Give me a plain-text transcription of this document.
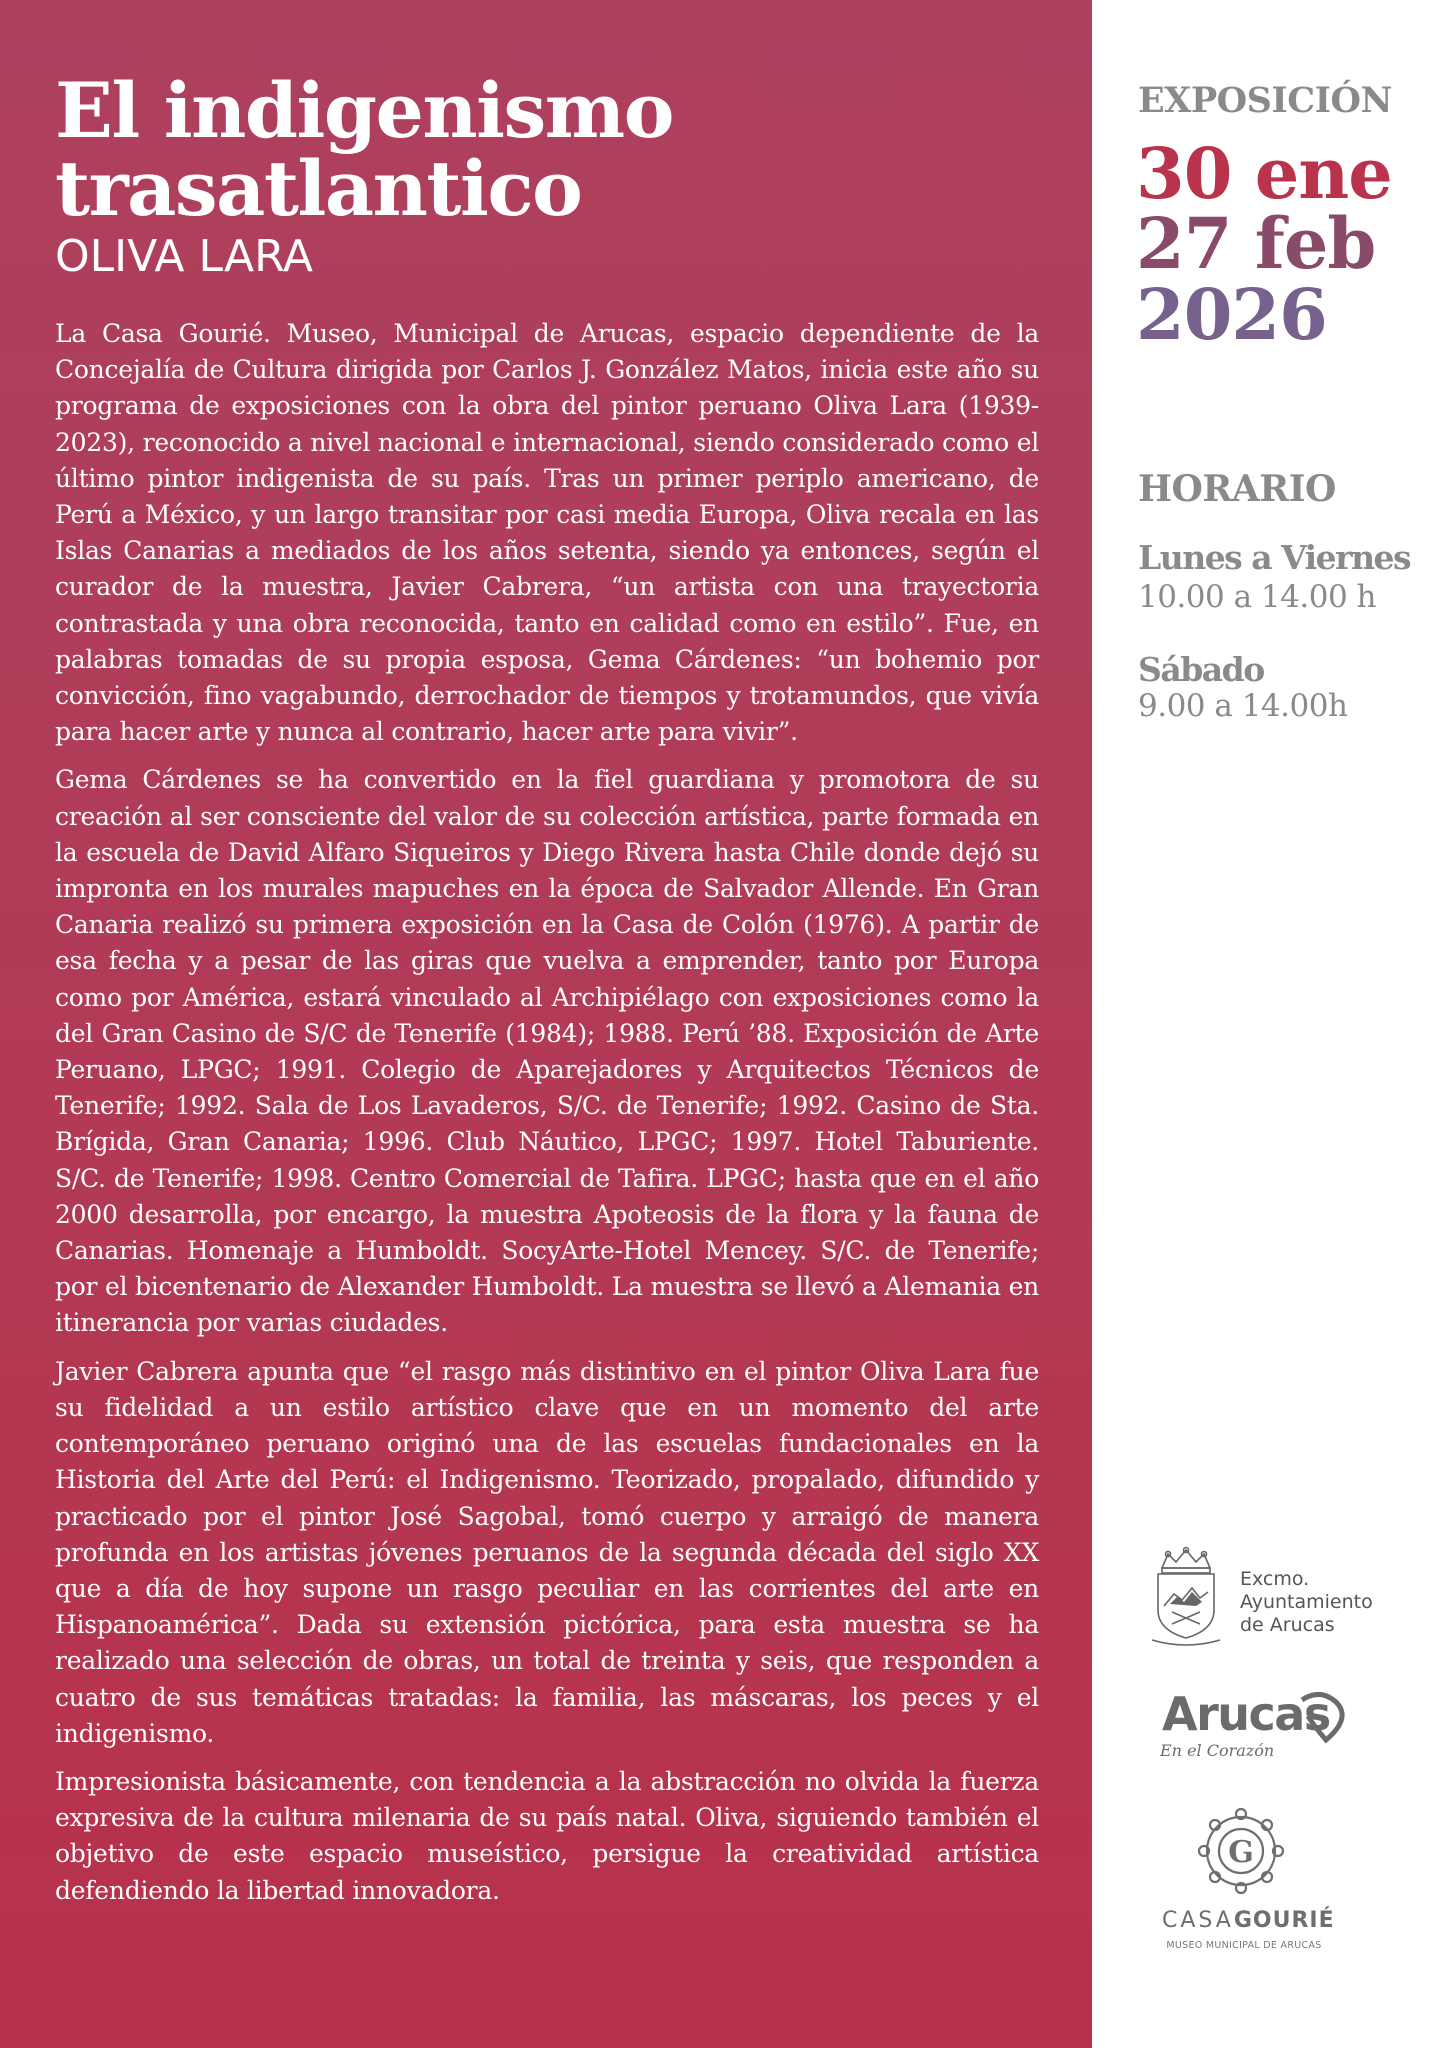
El indigenismo
trasatlantico
OLIVA LARA

La Casa Gourié. Museo, Municipal de Arucas, espacio dependiente de la Concejalía de Cultura dirigida por Carlos J. González Matos, inicia este año su programa de exposiciones con la obra del pintor peruano Oliva Lara (1939-2023), reconocido a nivel nacional e internacional, siendo considerado como el último pintor indigenista de su país. Tras un primer periplo americano, de Perú a México, y un largo transitar por casi media Europa, Oliva recala en las Islas Canarias a mediados de los años setenta, siendo ya entonces, según el curador de la muestra, Javier Cabrera, “un artista con una trayectoria contrastada y una obra reconocida, tanto en calidad como en estilo”. Fue, en palabras tomadas de su propia esposa, Gema Cárdenes: “un bohemio por convicción, fino vagabundo, derrochador de tiempos y trotamundos, que vivía para hacer arte y nunca al contrario, hacer arte para vivir”.

Gema Cárdenes se ha convertido en la fiel guardiana y promotora de su creación al ser consciente del valor de su colección artística, parte formada en la escuela de David Alfaro Siqueiros y Diego Rivera hasta Chile donde dejó su impronta en los murales mapuches en la época de Salvador Allende. En Gran Canaria realizó su primera exposición en la Casa de Colón (1976). A partir de esa fecha y a pesar de las giras que vuelva a emprender, tanto por Europa como por América, estará vinculado al Archipiélago con exposiciones como la del Gran Casino de S/C de Tenerife (1984); 1988. Perú ’88. Exposición de Arte Peruano, LPGC; 1991. Colegio de Aparejadores y Arquitectos Técnicos de Tenerife; 1992. Sala de Los Lavaderos, S/C. de Tenerife; 1992. Casino de Sta. Brígida, Gran Canaria; 1996. Club Náutico, LPGC; 1997. Hotel Taburiente. S/C. de Tenerife; 1998. Centro Comercial de Tafira. LPGC; hasta que en el año 2000 desarrolla, por encargo, la muestra Apoteosis de la flora y la fauna de Canarias. Homenaje a Humboldt. SocyArte-Hotel Mencey. S/C. de Tenerife; por el bicentenario de Alexander Humboldt. La muestra se llevó a Alemania en itinerancia por varias ciudades.

Javier Cabrera apunta que “el rasgo más distintivo en el pintor Oliva Lara fue su fidelidad a un estilo artístico clave que en un momento del arte contemporáneo peruano originó una de las escuelas fundacionales en la Historia del Arte del Perú: el Indigenismo. Teorizado, propalado, difundido y practicado por el pintor José Sagobal, tomó cuerpo y arraigó de manera profunda en los artistas jóvenes peruanos de la segunda década del siglo XX que a día de hoy supone un rasgo peculiar en las corrientes del arte en Hispanoamérica”. Dada su extensión pictórica, para esta muestra se ha realizado una selección de obras, un total de treinta y seis, que responden a cuatro de sus temáticas tratadas: la familia, las máscaras, los peces y el indigenismo.

Impresionista básicamente, con tendencia a la abstracción no olvida la fuerza expresiva de la cultura milenaria de su país natal. Oliva, siguiendo también el objetivo de este espacio museístico, persigue la creatividad artística defendiendo la libertad innovadora.

EXPOSICIÓN
30 ene
27 feb
2026
HORARIO
Lunes a Viernes
10.00 a 14.00 h
Sábado
9.00 a 14.00h
Excmo.
Ayuntamiento
de Arucas
Arucas
En el Corazón
G
CASAGOURIÉ
MUSEO MUNICIPAL DE ARUCAS
